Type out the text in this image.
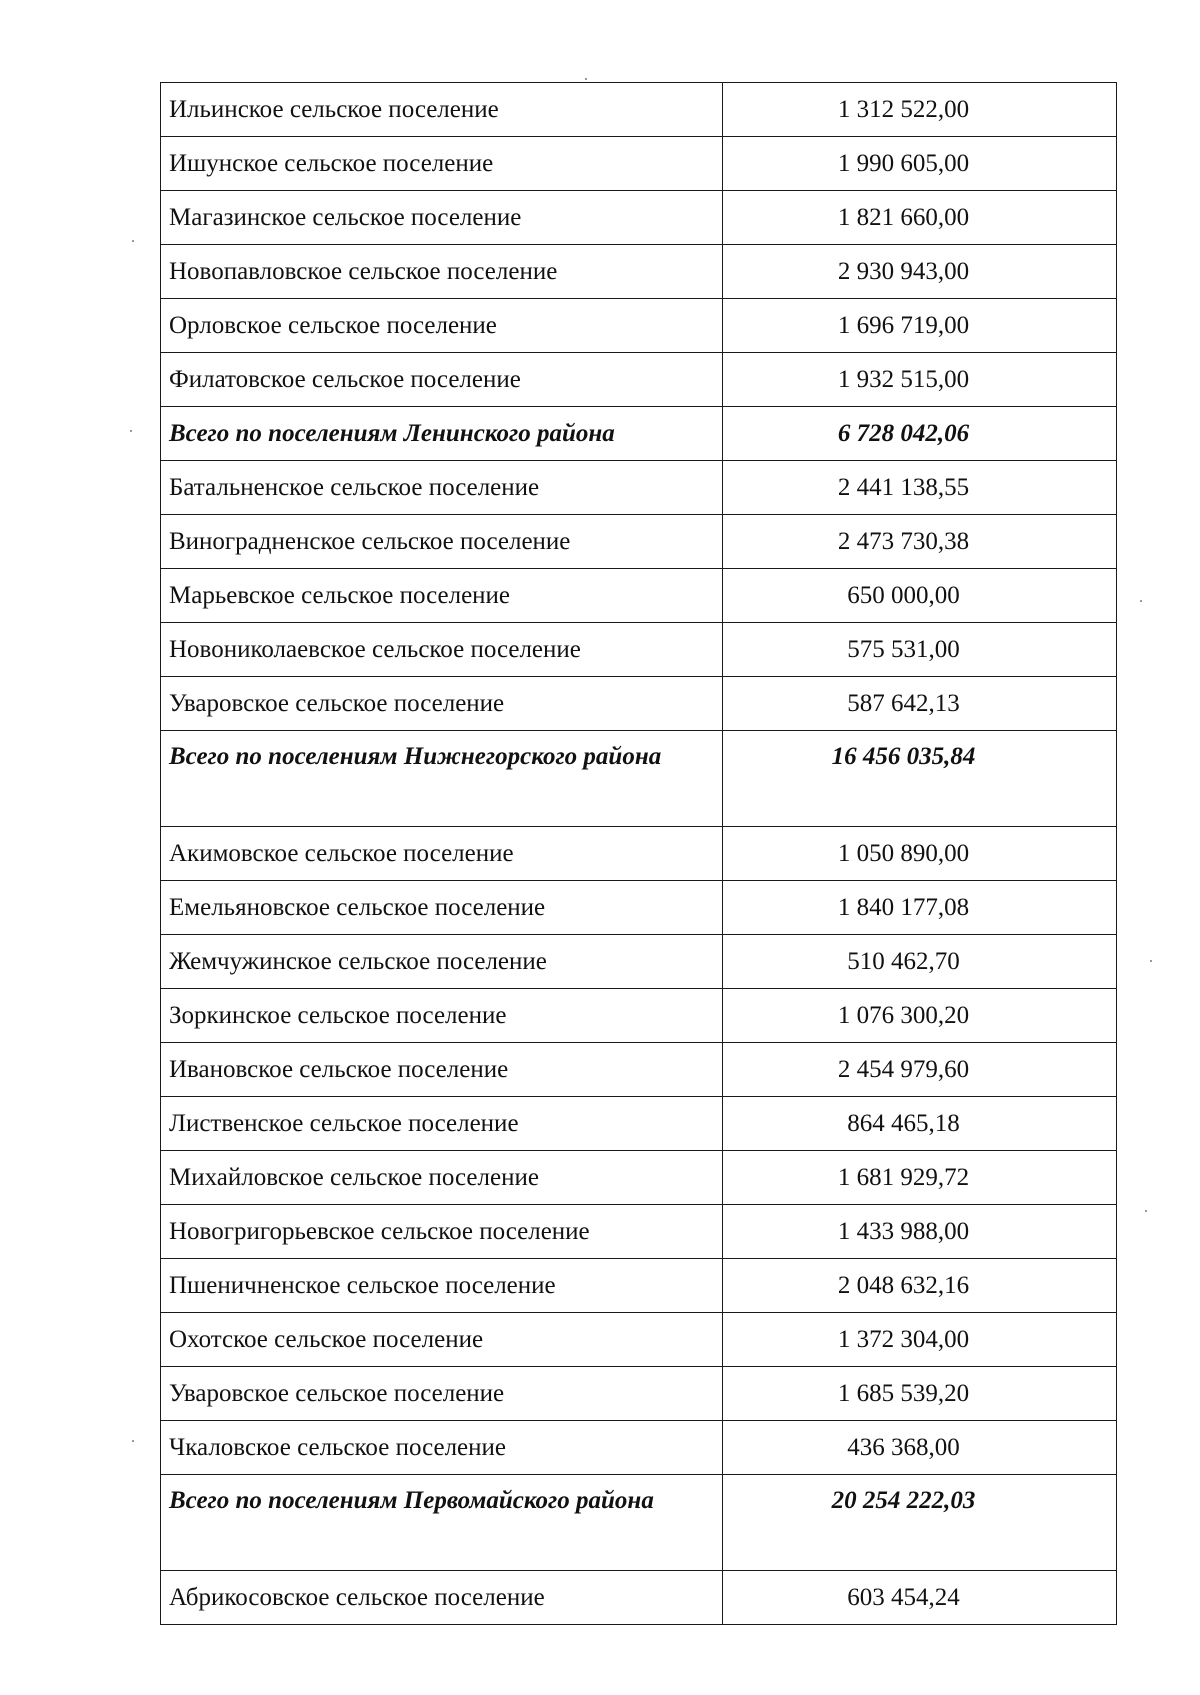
Ильинское сельское поселение	1 312 522,00
Ишунское сельское поселение	1 990 605,00
Магазинское сельское поселение	1 821 660,00
Новопавловское сельское поселение	2 930 943,00
Орловское сельское поселение	1 696 719,00
Филатовское сельское поселение	1 932 515,00
Всего по поселениям Ленинского района	6 728 042,06
Батальненское сельское поселение	2 441 138,55
Виноградненское сельское поселение	2 473 730,38
Марьевское сельское поселение	650 000,00
Новониколаевское сельское поселение	575 531,00
Уваровское сельское поселение	587 642,13
Всего по поселениям Нижнегорского района	16 456 035,84
Акимовское сельское поселение	1 050 890,00
Емельяновское сельское поселение	1 840 177,08
Жемчужинское сельское поселение	510 462,70
Зоркинское сельское поселение	1 076 300,20
Ивановское сельское поселение	2 454 979,60
Лиственское сельское поселение	864 465,18
Михайловское сельское поселение	1 681 929,72
Новогригорьевское сельское поселение	1 433 988,00
Пшеничненское сельское поселение	2 048 632,16
Охотское сельское поселение	1 372 304,00
Уваровское сельское поселение	1 685 539,20
Чкаловское сельское поселение	436 368,00
Всего по поселениям Первомайского района	20 254 222,03
Абрикосовское сельское поселение	603 454,24
